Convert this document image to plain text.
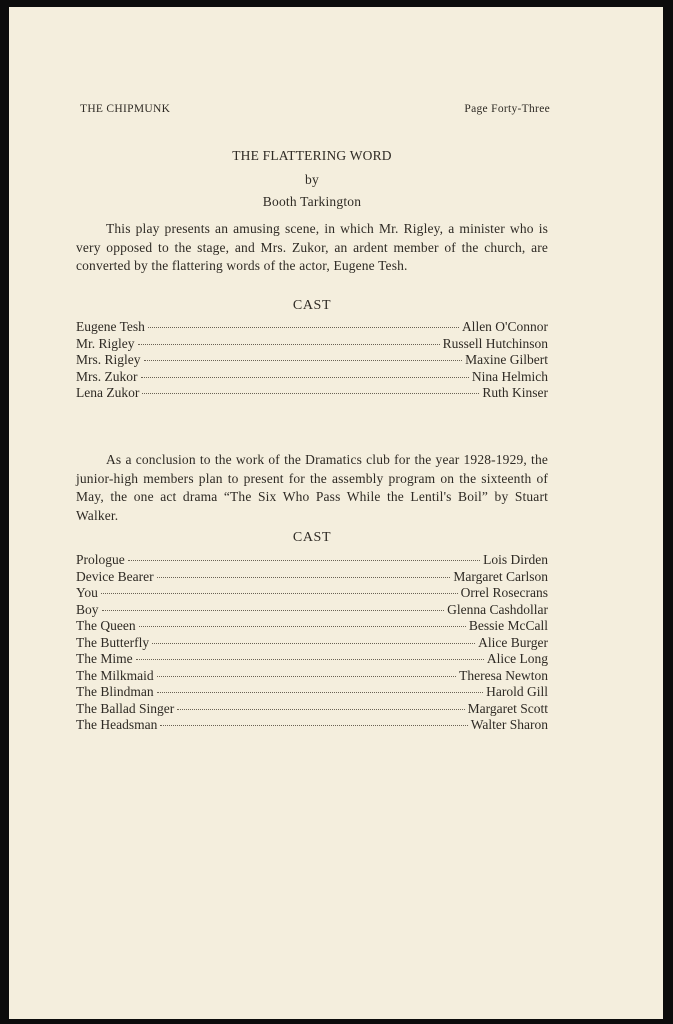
THE CHIPMUNK	Page Forty-Three
THE FLATTERING WORD
by
Booth Tarkington
This play presents an amusing scene, in which Mr. Rigley, a minister who is very opposed to the stage, and Mrs. Zukor, an ardent member of the church, are converted by the flattering words of the actor, Eugene Tesh.
CAST
Eugene Tesh	Allen O'Connor
Mr. Rigley	Russell Hutchinson
Mrs. Rigley	Maxine Gilbert
Mrs. Zukor	Nina Helmich
Lena Zukor	Ruth Kinser
As a conclusion to the work of the Dramatics club for the year 1928-1929, the junior-high members plan to present for the assembly program on the sixteenth of May, the one act drama “The Six Who Pass While the Lentil's Boil” by Stuart Walker.
CAST
Prologue	Lois Dirden
Device Bearer	Margaret Carlson
You	Orrel Rosecrans
Boy	Glenna Cashdollar
The Queen	Bessie McCall
The Butterfly	Alice Burger
The Mime	Alice Long
The Milkmaid	Theresa Newton
The Blindman	Harold Gill
The Ballad Singer	Margaret Scott
The Headsman	Walter Sharon
